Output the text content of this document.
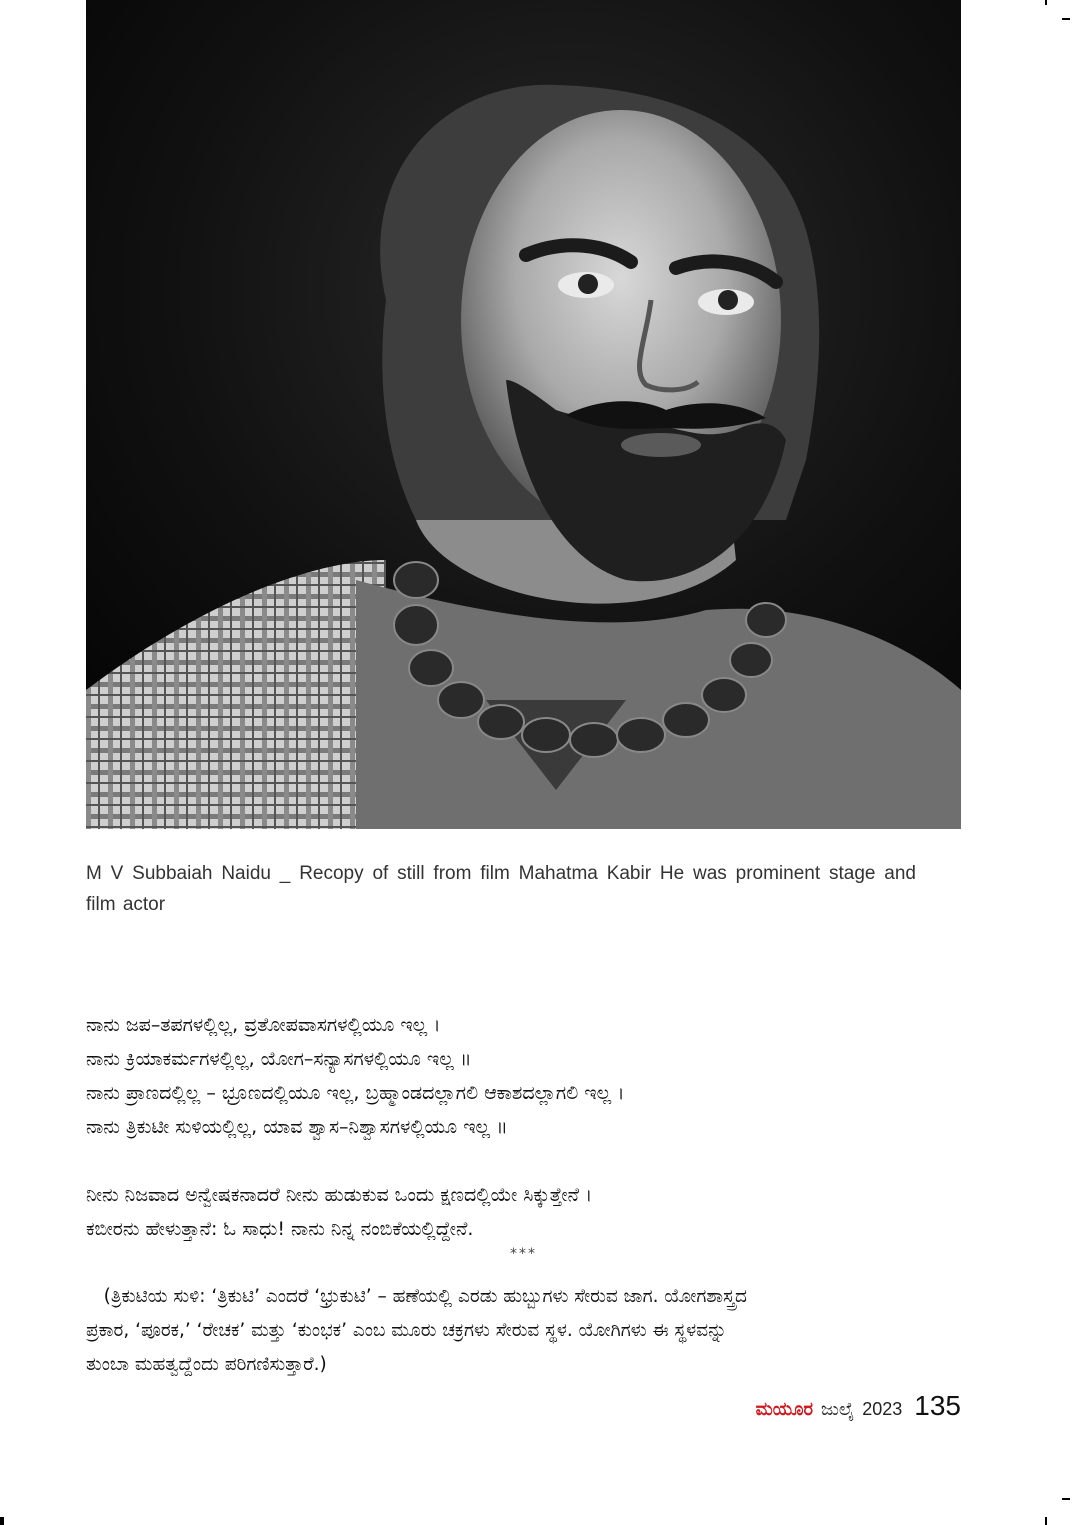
M V Subbaiah Naidu _ Recopy of still from film Mahatma Kabir He was prominent stage and film actor
ನಾನು ಜಪ–ತಪಗಳಲ್ಲಿಲ್ಲ, ವ್ರತೋಪವಾಸಗಳಲ್ಲಿಯೂ ಇಲ್ಲ ।
ನಾನು ಕ್ರಿಯಾಕರ್ಮಗಳಲ್ಲಿಲ್ಲ, ಯೋಗ–ಸನ್ಯಾಸಗಳಲ್ಲಿಯೂ ಇಲ್ಲ ॥
ನಾನು ಪ್ರಾಣದಲ್ಲಿಲ್ಲ – ಭ್ರೂಣದಲ್ಲಿಯೂ ಇಲ್ಲ, ಬ್ರಹ್ಮಾಂಡದಲ್ಲಾಗಲಿ ಆಕಾಶದಲ್ಲಾಗಲಿ ಇಲ್ಲ ।
ನಾನು ತ್ರಿಕುಟೀ ಸುಳಿಯಲ್ಲಿಲ್ಲ, ಯಾವ ಶ್ವಾಸ–ನಿಶ್ವಾಸಗಳಲ್ಲಿಯೂ ಇಲ್ಲ ॥
ನೀನು ನಿಜವಾದ ಅನ್ವೇಷಕನಾದರೆ ನೀನು ಹುಡುಕುವ ಒಂದು ಕ್ಷಣದಲ್ಲಿಯೇ ಸಿಕ್ಕುತ್ತೇನೆ ।
ಕಬೀರನು ಹೇಳುತ್ತಾನೆ: ಓ ಸಾಧು! ನಾನು ನಿನ್ನ ನಂಬಿಕೆಯಲ್ಲಿದ್ದೇನೆ.
***
(ತ್ರಿಕುಟಿಯ ಸುಳಿ: ‘ತ್ರಿಕುಟಿ’ ಎಂದರೆ ‘ಭ್ರುಕುಟಿ’ – ಹಣೆಯಲ್ಲಿ ಎರಡು ಹುಬ್ಬುಗಳು ಸೇರುವ ಜಾಗ. ಯೋಗಶಾಸ್ತ್ರದ
ಪ್ರಕಾರ, ‘ಪೂರಕ,’ ‘ರೇಚಕ’ ಮತ್ತು ‘ಕುಂಭಕ’ ಎಂಬ ಮೂರು ಚಕ್ರಗಳು ಸೇರುವ ಸ್ಥಳ. ಯೋಗಿಗಳು ಈ ಸ್ಥಳವನ್ನು
ತುಂಬಾ ಮಹತ್ವದ್ದೆಂದು ಪರಿಗಣಿಸುತ್ತಾರೆ.)
ಮಯೂರ ಜುಲೈ 2023 135
